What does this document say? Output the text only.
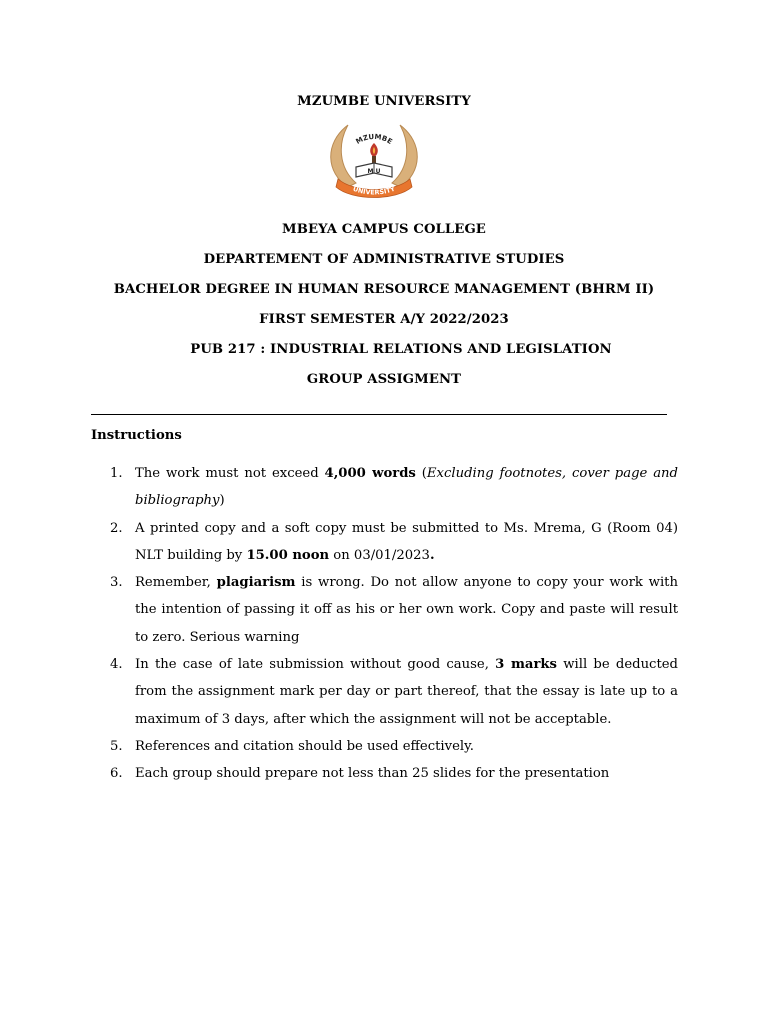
MZUMBE UNIVERSITY
MZUMBE
M U
UNIVERSITY
MBEYA CAMPUS COLLEGE
DEPARTEMENT OF ADMINISTRATIVE STUDIES
BACHELOR DEGREE IN HUMAN RESOURCE MANAGEMENT (BHRM II)
FIRST SEMESTER A/Y 2022/2023
PUB 217 : INDUSTRIAL RELATIONS AND LEGISLATION
GROUP ASSIGMENT
Instructions
1. The work must not exceed 4,000 words (Excluding footnotes, cover page and bibliography)
2. A printed copy and a soft copy must be submitted to Ms. Mrema, G (Room 04) NLT building by 15.00 noon on 03/01/2023.
3. Remember, plagiarism is wrong. Do not allow anyone to copy your work with the intention of passing it off as his or her own work. Copy and paste will result to zero. Serious warning
4. In the case of late submission without good cause, 3 marks will be deducted from the assignment mark per day or part thereof, that the essay is late up to a maximum of 3 days, after which the assignment will not be acceptable.
5. References and citation should be used effectively.
6. Each group should prepare not less than 25 slides for the presentation
